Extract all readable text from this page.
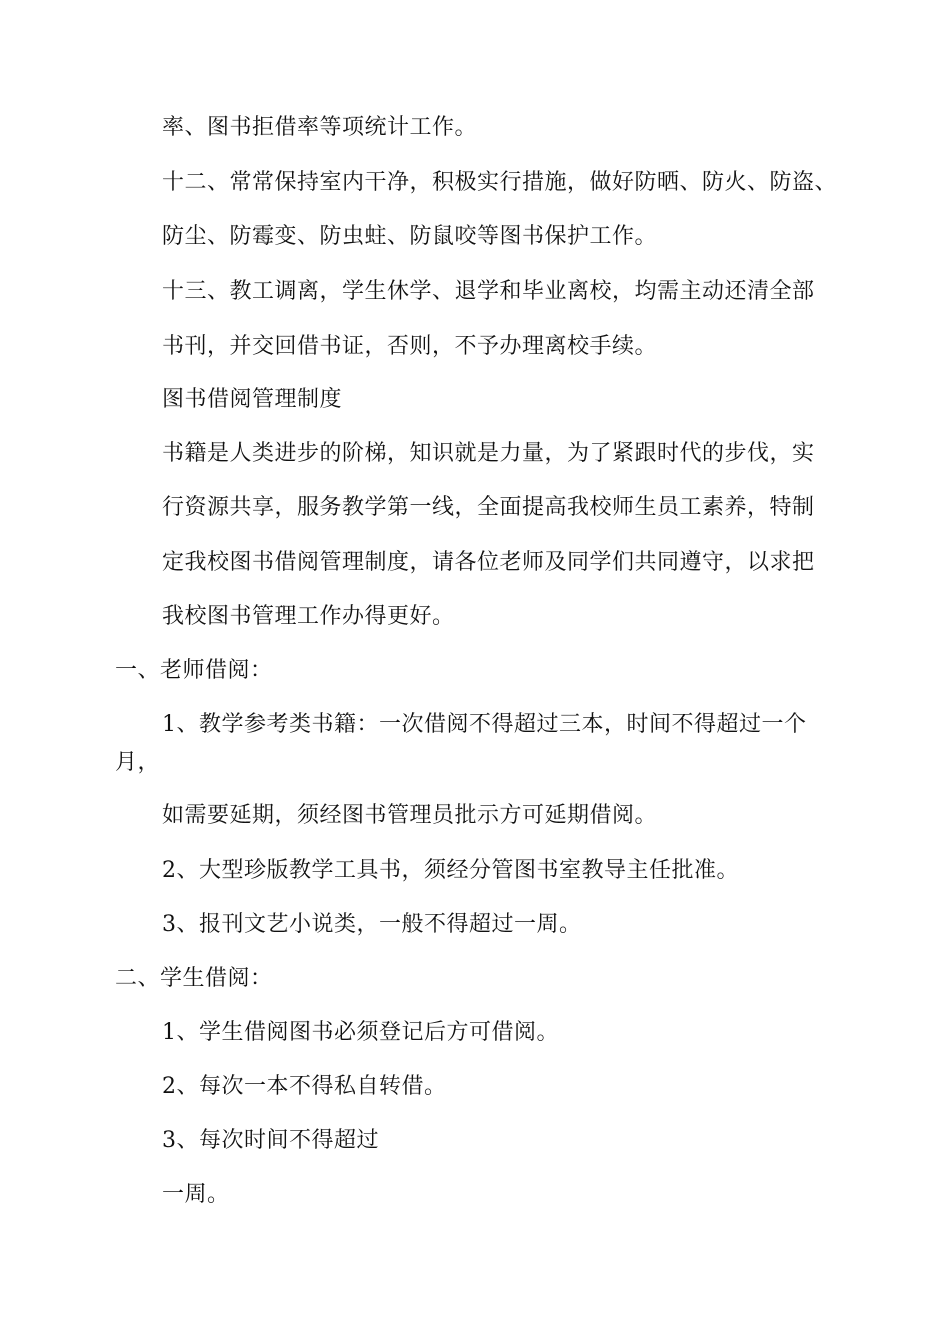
率、图书拒借率等项统计工作。
十二、常常保持室内干净，积极实行措施，做好防晒、防火、防盗、
防尘、防霉变、防虫蛀、防鼠咬等图书保护工作。
十三、教工调离，学生休学、退学和毕业离校，均需主动还清全部
书刊，并交回借书证，否则，不予办理离校手续。
图书借阅管理制度
书籍是人类进步的阶梯，知识就是力量，为了紧跟时代的步伐，实
行资源共享，服务教学第一线，全面提高我校师生员工素养，特制
定我校图书借阅管理制度，请各位老师及同学们共同遵守，以求把
我校图书管理工作办得更好。
一、老师借阅：
1、教学参考类书籍：一次借阅不得超过三本，时间不得超过一个
月，
如需要延期，须经图书管理员批示方可延期借阅。
2、大型珍版教学工具书，须经分管图书室教导主任批准。
3、报刊文艺小说类，一般不得超过一周。
二、学生借阅：
1、学生借阅图书必须登记后方可借阅。
2、每次一本不得私自转借。
3、每次时间不得超过
一周。
